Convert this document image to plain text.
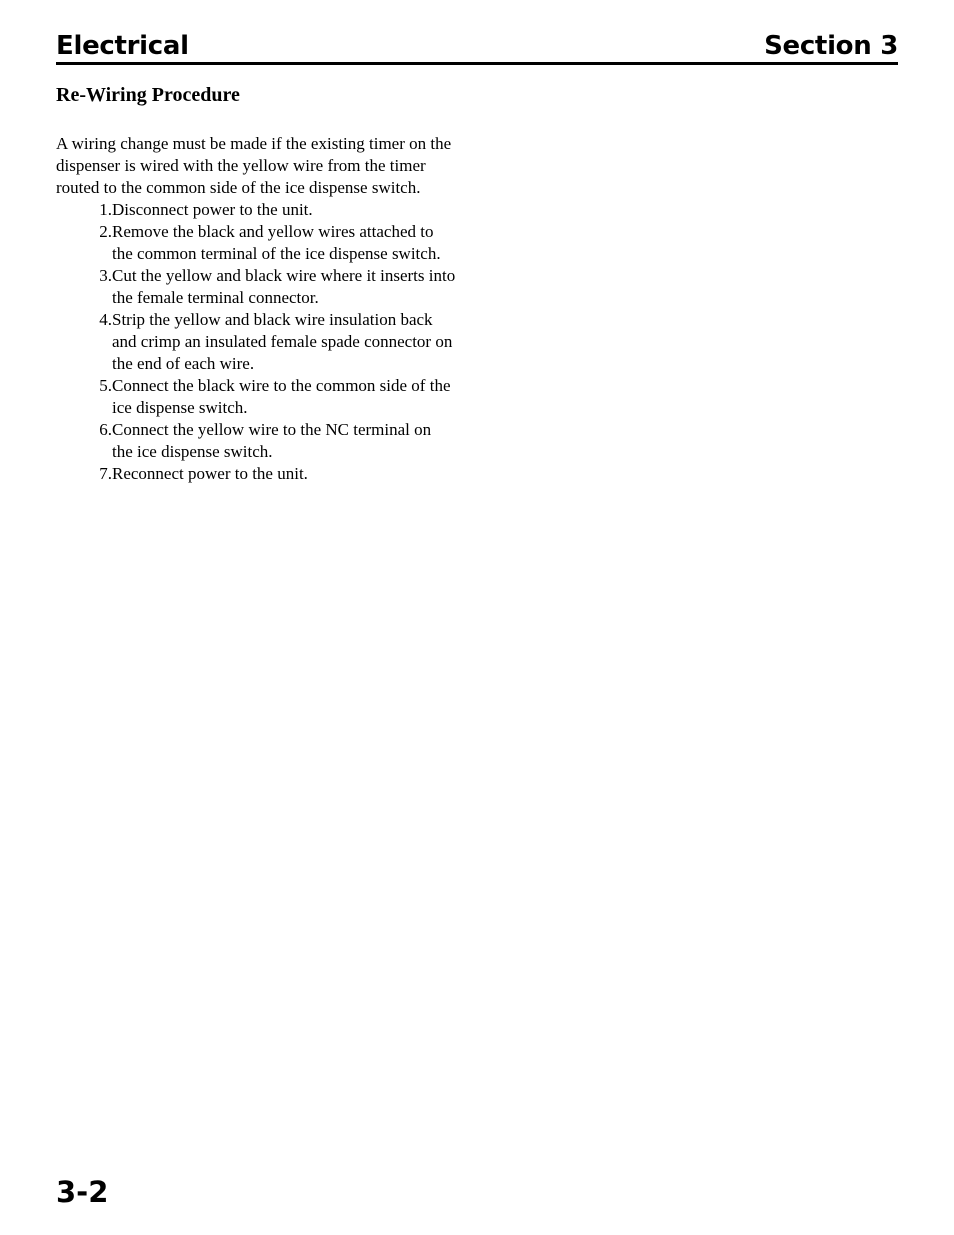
Electrical	Section 3
Re-Wiring Procedure

A wiring change must be made if the existing timer on the dispenser is wired with the yellow wire from the timer routed to the common side of the ice dispense switch.

1. Disconnect power to the unit.
2. Remove the black and yellow wires attached to the common terminal of the ice dispense switch.
3. Cut the yellow and black wire where it inserts into the female terminal connector.
4. Strip the yellow and black wire insulation back and crimp an insulated female spade connector on the end of each wire.
5. Connect the black wire to the common side of the ice dispense switch.
6. Connect the yellow wire to the NC terminal on the ice dispense switch.
7. Reconnect power to the unit.
3-2
